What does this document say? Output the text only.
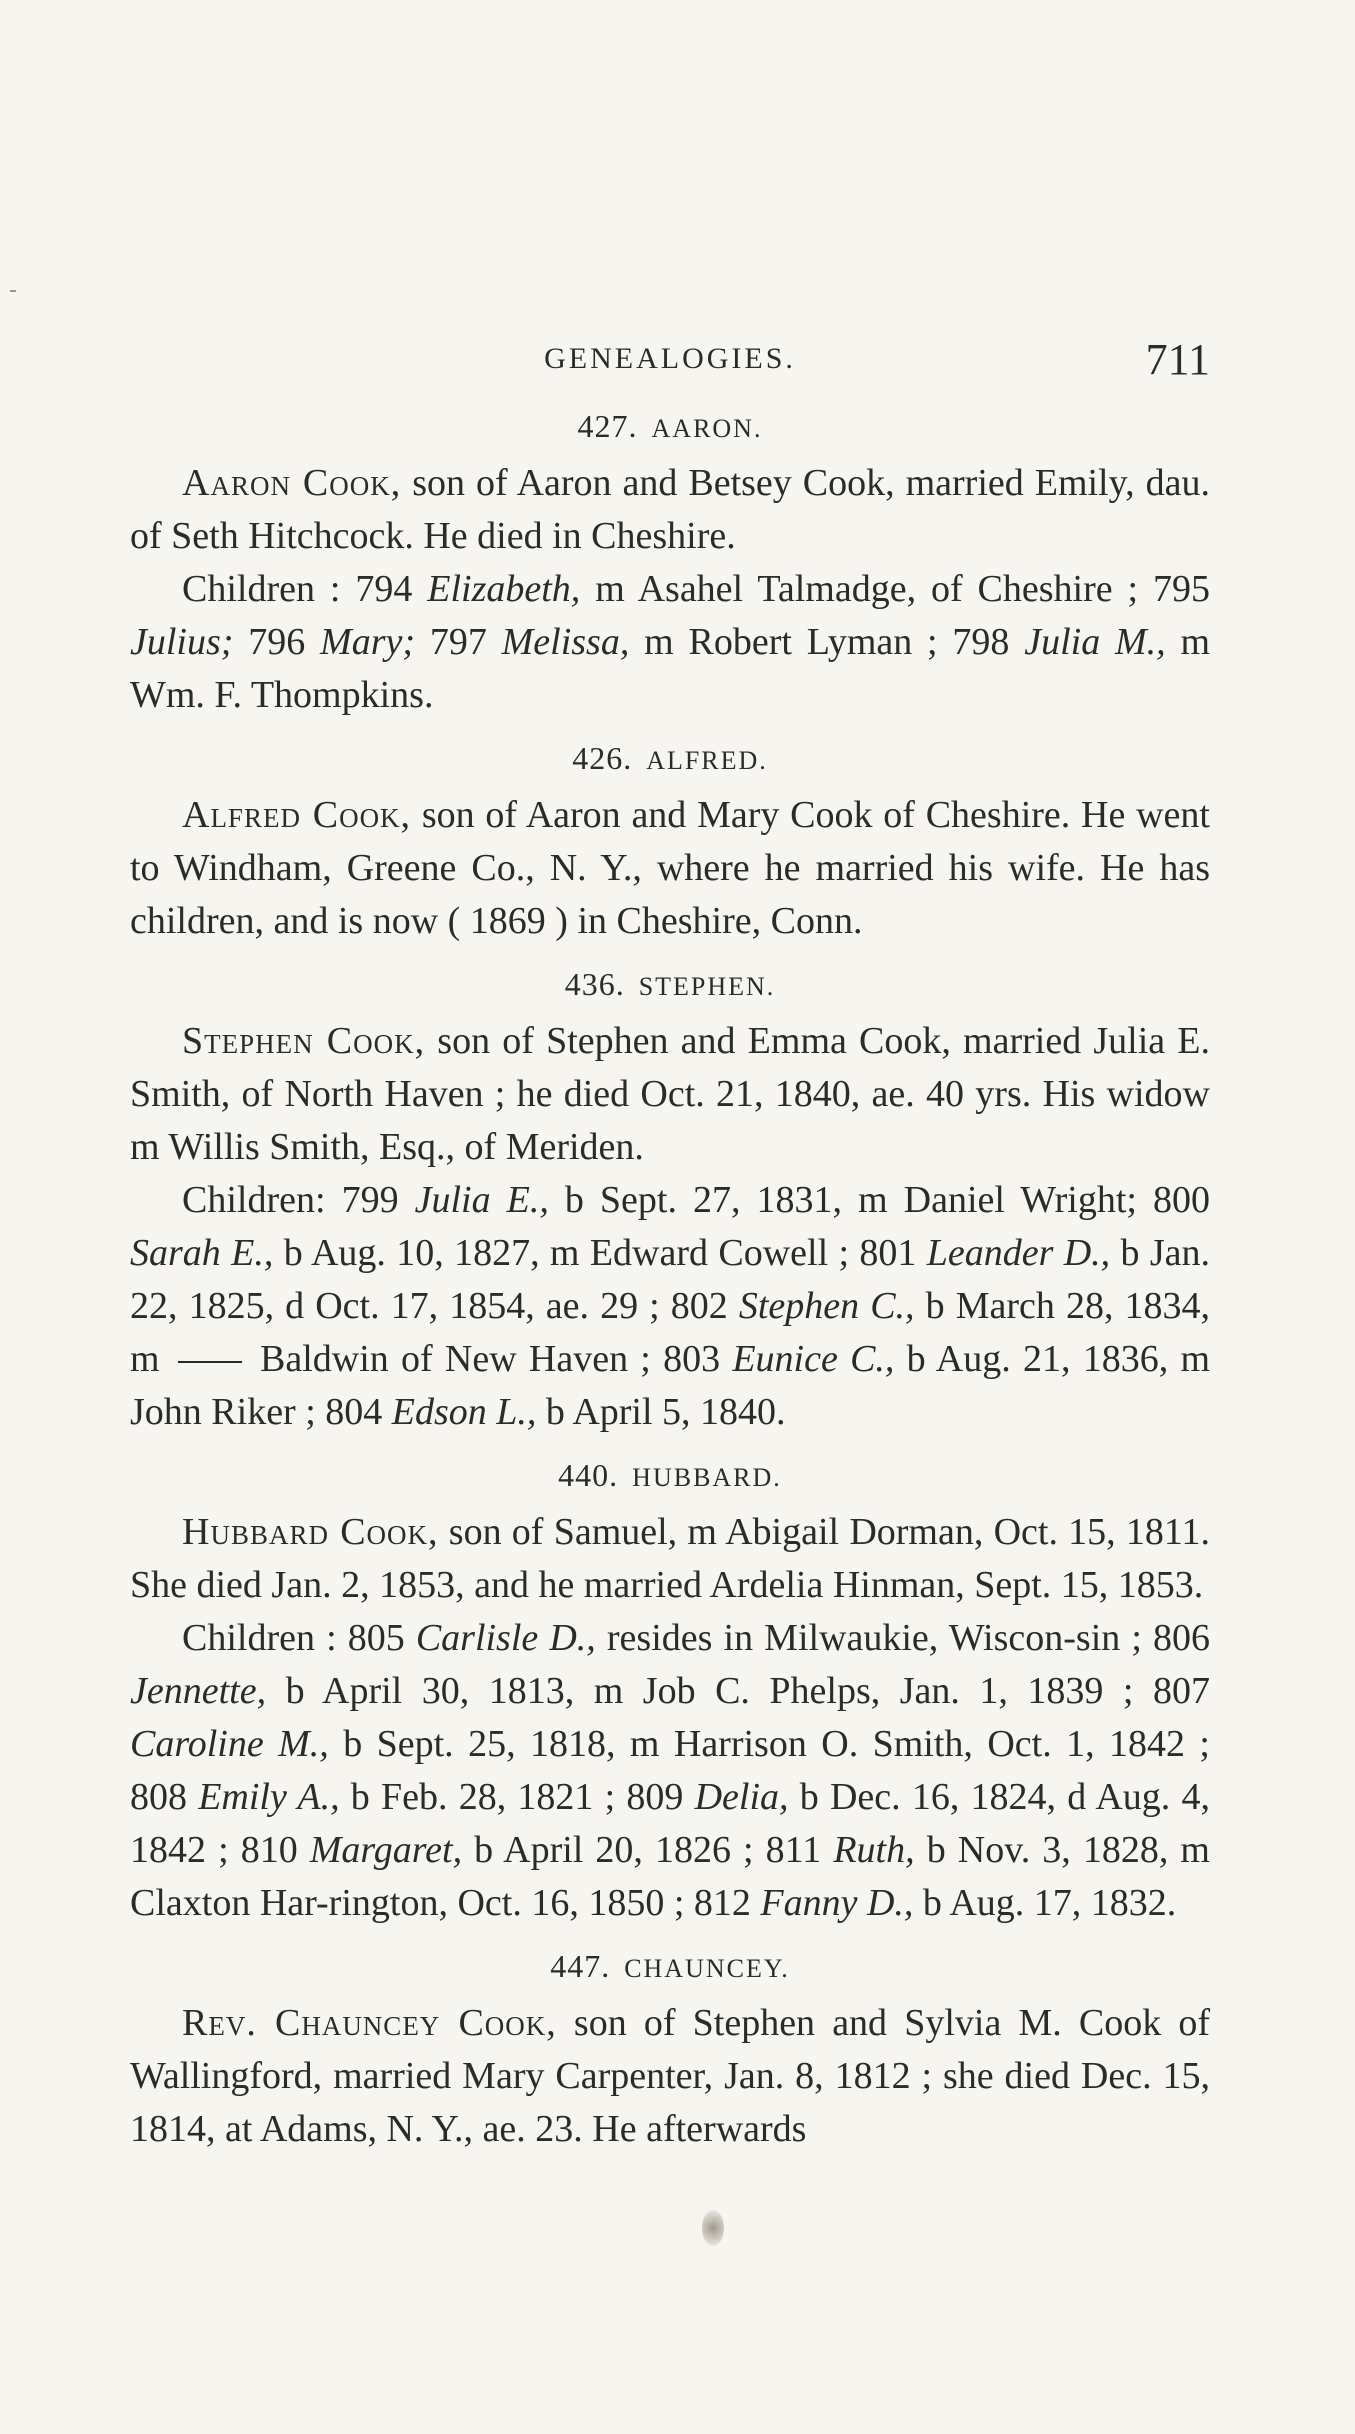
GENEALOGIES.	711
427. AARON.

Aaron Cook, son of Aaron and Betsey Cook, married Emily, dau. of Seth Hitchcock. He died in Cheshire.

Children : 794 Elizabeth, m Asahel Talmadge, of Cheshire ; 795 Julius; 796 Mary; 797 Melissa, m Robert Lyman ; 798 Julia M., m Wm. F. Thompkins.

426. ALFRED.

Alfred Cook, son of Aaron and Mary Cook of Cheshire. He went to Windham, Greene Co., N. Y., where he married his wife. He has children, and is now ( 1869 ) in Cheshire, Conn.

436. STEPHEN.

Stephen Cook, son of Stephen and Emma Cook, married Julia E. Smith, of North Haven ; he died Oct. 21, 1840, ae. 40 yrs. His widow m Willis Smith, Esq., of Meriden.

Children: 799 Julia E., b Sept. 27, 1831, m Daniel Wright; 800 Sarah E., b Aug. 10, 1827, m Edward Cowell ; 801 Leander D., b Jan. 22, 1825, d Oct. 17, 1854, ae. 29 ; 802 Stephen C., b March 28, 1834, m  Baldwin of New Haven ; 803 Eunice C., b Aug. 21, 1836, m John Riker ; 804 Edson L., b April 5, 1840.

440. HUBBARD.

Hubbard Cook, son of Samuel, m Abigail Dorman, Oct. 15, 1811. She died Jan. 2, 1853, and he married Ardelia Hinman, Sept. 15, 1853.

Children : 805 Carlisle D., resides in Milwaukie, Wiscon-sin ; 806 Jennette, b April 30, 1813, m Job C. Phelps, Jan. 1, 1839 ; 807 Caroline M., b Sept. 25, 1818, m Harrison O. Smith, Oct. 1, 1842 ; 808 Emily A., b Feb. 28, 1821 ; 809 Delia, b Dec. 16, 1824, d Aug. 4, 1842 ; 810 Margaret, b April 20, 1826 ; 811 Ruth, b Nov. 3, 1828, m Claxton Har-rington, Oct. 16, 1850 ; 812 Fanny D., b Aug. 17, 1832.

447. CHAUNCEY.

Rev. Chauncey Cook, son of Stephen and Sylvia M. Cook of Wallingford, married Mary Carpenter, Jan. 8, 1812 ; she died Dec. 15, 1814, at Adams, N. Y., ae. 23. He afterwards
